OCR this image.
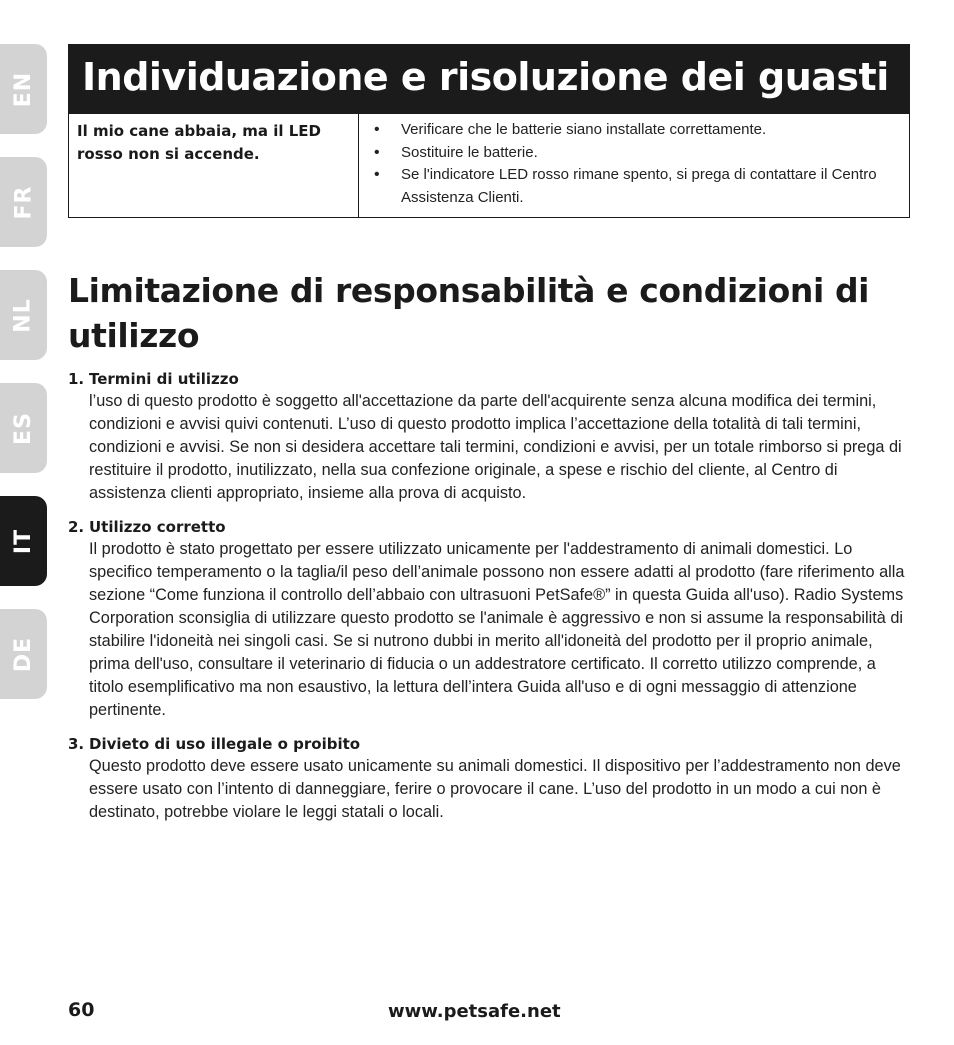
EN
FR
NL
ES
IT
DE
Individuazione e risoluzione dei guasti
Il mio cane abbaia, ma il LED rosso non si accende.
• Verificare che le batterie siano installate correttamente.
• Sostituire le batterie.
• Se l'indicatore LED rosso rimane spento, si prega di contattare il Centro Assistenza Clienti.
Limitazione di responsabilità e condizioni di utilizzo
1. Termini di utilizzo
l’uso di questo prodotto è soggetto all'accettazione da parte dell'acquirente senza alcuna modifica dei termini, condizioni e avvisi quivi contenuti. L’uso di questo prodotto implica l’accettazione della totalità di tali termini, condizioni e avvisi. Se non si desidera accettare tali termini, condizioni e avvisi, per un totale rimborso si prega di restituire il prodotto, inutilizzato, nella sua confezione originale, a spese e rischio del cliente, al Centro di assistenza clienti appropriato, insieme alla prova di acquisto.
2. Utilizzo corretto
Il prodotto è stato progettato per essere utilizzato unicamente per l'addestramento di animali domestici. Lo specifico temperamento o la taglia/il peso dell’animale possono non essere adatti al prodotto (fare riferimento alla sezione “Come funziona il controllo dell’abbaio con ultrasuoni PetSafe®” in questa Guida all'uso). Radio Systems Corporation sconsiglia di utilizzare questo prodotto se l'animale è aggressivo e non si assume la responsabilità di stabilire l'idoneità nei singoli casi. Se si nutrono dubbi in merito all'idoneità del prodotto per il proprio animale, prima dell'uso, consultare il veterinario di fiducia o un addestratore certificato. Il corretto utilizzo comprende, a titolo esemplificativo ma non esaustivo, la lettura dell’intera Guida all'uso e di ogni messaggio di attenzione pertinente.
3. Divieto di uso illegale o proibito
Questo prodotto deve essere usato unicamente su animali domestici. Il dispositivo per l’addestramento non deve essere usato con l’intento di danneggiare, ferire o provocare il cane. L’uso del prodotto in un modo a cui non è destinato, potrebbe violare le leggi statali o locali.
60	www.petsafe.net
